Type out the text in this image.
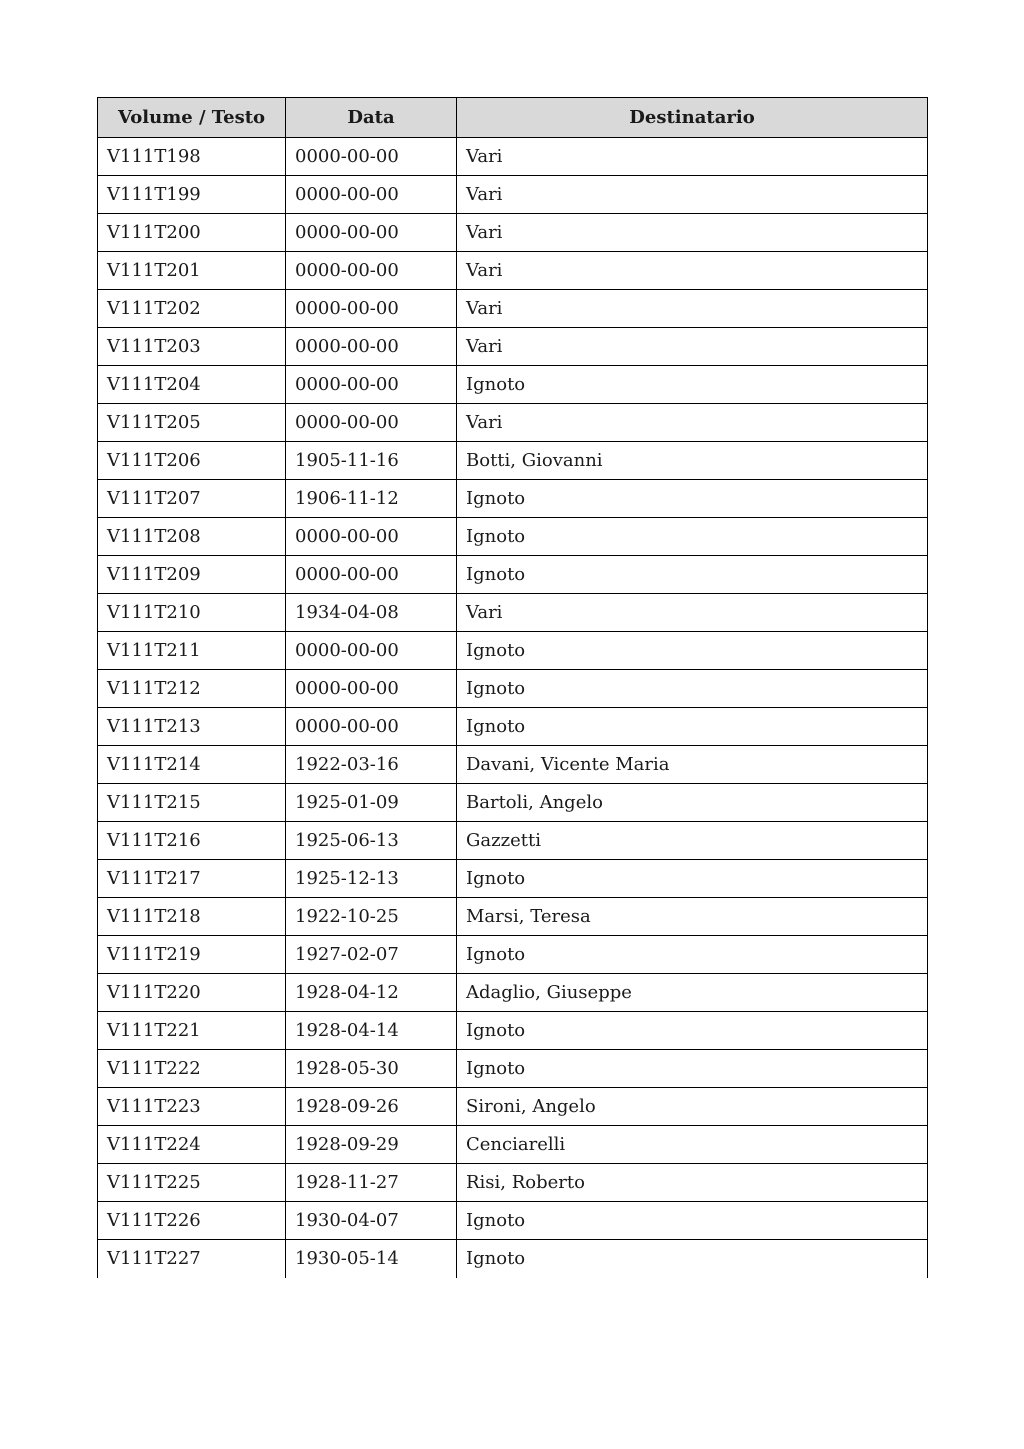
Volume / Testo	Data	Destinatario
V111T198	0000-00-00	Vari
V111T199	0000-00-00	Vari
V111T200	0000-00-00	Vari
V111T201	0000-00-00	Vari
V111T202	0000-00-00	Vari
V111T203	0000-00-00	Vari
V111T204	0000-00-00	Ignoto
V111T205	0000-00-00	Vari
V111T206	1905-11-16	Botti, Giovanni
V111T207	1906-11-12	Ignoto
V111T208	0000-00-00	Ignoto
V111T209	0000-00-00	Ignoto
V111T210	1934-04-08	Vari
V111T211	0000-00-00	Ignoto
V111T212	0000-00-00	Ignoto
V111T213	0000-00-00	Ignoto
V111T214	1922-03-16	Davani, Vicente Maria
V111T215	1925-01-09	Bartoli, Angelo
V111T216	1925-06-13	Gazzetti
V111T217	1925-12-13	Ignoto
V111T218	1922-10-25	Marsi, Teresa
V111T219	1927-02-07	Ignoto
V111T220	1928-04-12	Adaglio, Giuseppe
V111T221	1928-04-14	Ignoto
V111T222	1928-05-30	Ignoto
V111T223	1928-09-26	Sironi, Angelo
V111T224	1928-09-29	Cenciarelli
V111T225	1928-11-27	Risi, Roberto
V111T226	1930-04-07	Ignoto
V111T227	1930-05-14	Ignoto
